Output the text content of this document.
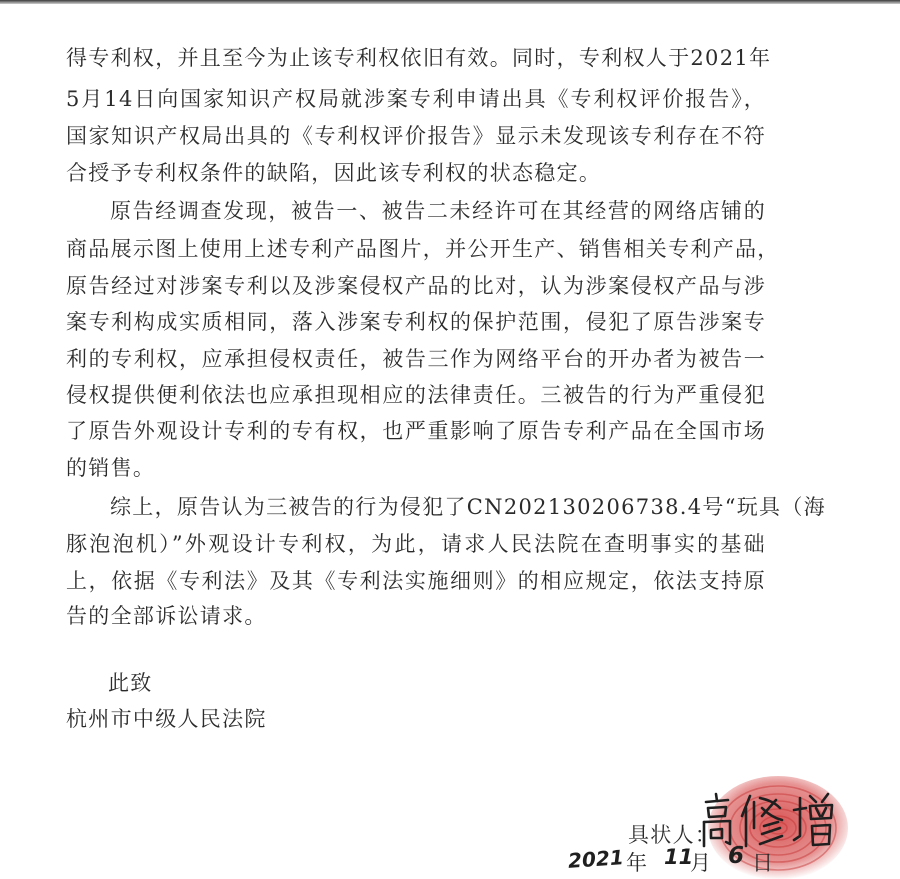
得专利权，并且至今为止该专利权依旧有效。同时，专利权人于2021年
5月14日向国家知识产权局就涉案专利申请出具《专利权评价报告》，
国家知识产权局出具的《专利权评价报告》显示未发现该专利存在不符
合授予专利权条件的缺陷，因此该专利权的状态稳定。
原告经调查发现，被告一、被告二未经许可在其经营的网络店铺的
商品展示图上使用上述专利产品图片，并公开生产、销售相关专利产品，
原告经过对涉案专利以及涉案侵权产品的比对，认为涉案侵权产品与涉
案专利构成实质相同，落入涉案专利权的保护范围，侵犯了原告涉案专
利的专利权，应承担侵权责任，被告三作为网络平台的开办者为被告一
侵权提供便利依法也应承担现相应的法律责任。三被告的行为严重侵犯
了原告外观设计专利的专有权，也严重影响了原告专利产品在全国市场
的销售。
综上，原告认为三被告的行为侵犯了CN202130206738.4号“玩具（海
豚泡泡机）”外观设计专利权，为此，请求人民法院在查明事实的基础
上，依据《专利法》及其《专利法实施细则》的相应规定，依法支持原
告的全部诉讼请求。
此致
杭州市中级人民法院
具状人：
2021 年 11
月 6 日
